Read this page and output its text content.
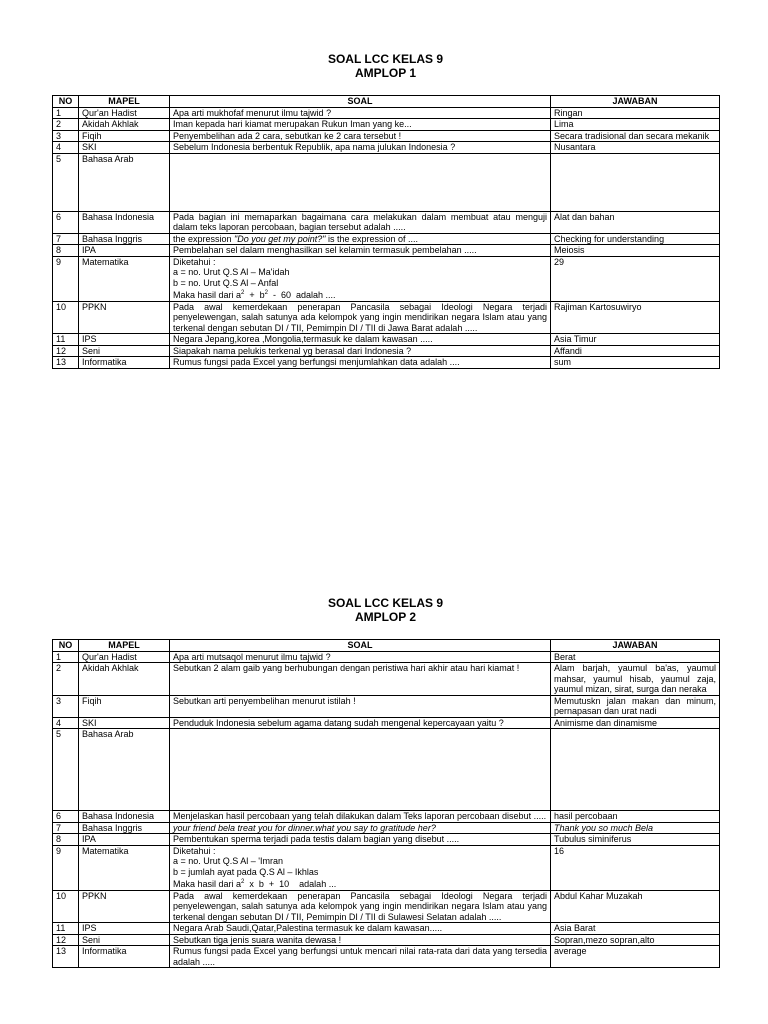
SOAL LCC KELAS 9

AMPLOP 1

NO	MAPEL	SOAL	JAWABAN
1	Qur'an Hadist	Apa arti mukhofaf menurut ilmu tajwid ?	Ringan
2	Akidah Akhlak	Iman kepada hari kiamat merupakan Rukun Iman yang ke...	Lima
3	Fiqih	Penyembelihan ada 2 cara, sebutkan ke 2 cara tersebut !	Secara tradisional dan secara mekanik
4	SKI	Sebelum Indonesia berbentuk Republik, apa nama julukan Indonesia ?	Nusantara
5	Bahasa Arab		
6	Bahasa Indonesia	Pada bagian ini memaparkan bagaimana cara melakukan dalam membuat atau menguji dalam teks laporan percobaan, bagian tersebut adalah .....	Alat dan bahan
7	Bahasa Inggris	the expression "Do you get my point?" is the expression of ....	Checking for understanding
8	IPA	Pembelahan sel dalam menghasilkan sel kelamin termasuk pembelahan .....	Meiosis
9	Matematika	Diketahui :
a = no. Urut Q.S Al – Ma'idah
b = no. Urut Q.S Al – Anfal
Maka hasil dari $a^2 + b^2 - 60$  adalah ....	29
10	PPKN	Pada awal kemerdekaan penerapan Pancasila sebagai Ideologi Negara terjadi penyelewengan, salah satunya ada kelompok yang ingin mendirikan negara Islam atau yang terkenal dengan sebutan DI / TII, Pemimpin DI / TII di Jawa Barat adalah .....	Rajiman Kartosuwiryo
11	IPS	Negara Jepang,korea ,Mongolia,termasuk ke dalam kawasan .....	Asia Timur
12	Seni	Siapakah nama pelukis terkenal yg berasal dari Indonesia ?	Affandi
13	Informatika	Rumus fungsi pada Excel yang berfungsi menjumlahkan data adalah ....	sum

SOAL LCC KELAS 9

AMPLOP 2

NO	MAPEL	SOAL	JAWABAN
1	Qur'an Hadist	Apa arti mutsaqol menurut ilmu tajwid ?	Berat
2	Akidah Akhlak	Sebutkan 2 alam gaib yang berhubungan dengan peristiwa hari akhir atau hari kiamat !	Alam barjah, yaumul ba'as, yaumul mahsar, yaumul hisab, yaumul zaja, yaumul mizan, sirat, surga dan neraka
3	Fiqih	Sebutkan arti penyembelihan menurut istilah !	Memutuskn jalan makan dan minum, pernapasan dan urat nadi
4	SKI	Penduduk Indonesia sebelum agama datang sudah mengenal kepercayaan yaitu ?	Animisme dan dinamisme
5	Bahasa Arab		
6	Bahasa Indonesia	Menjelaskan hasil percobaan yang telah dilakukan dalam Teks laporan percobaan disebut .....	hasil percobaan
7	Bahasa Inggris	your friend bela treat you for dinner.what you say to gratitude her?	Thank you so much Bela
8	IPA	Pembentukan sperma terjadi pada testis dalam bagian yang disebut .....	Tubulus siminiferus
9	Matematika	Diketahui :
a = no. Urut Q.S Al – 'Imran
b = jumlah ayat pada Q.S Al – Ikhlas
Maka hasil dari $a^2$  x  b  +  10    adalah ...	16
10	PPKN	Pada awal kemerdekaan penerapan Pancasila sebagai Ideologi Negara terjadi penyelewengan, salah satunya ada kelompok yang ingin mendirikan negara Islam atau yang terkenal dengan sebutan DI / TII, Pemimpin DI / TII di Sulawesi Selatan adalah .....	Abdul Kahar Muzakah
11	IPS	Negara Arab Saudi,Qatar,Palestina termasuk ke dalam kawasan.....	Asia Barat
12	Seni	Sebutkan tiga jenis suara wanita dewasa !	Sopran,mezo sopran,alto
13	Informatika	Rumus fungsi pada Excel yang berfungsi untuk mencari nilai rata-rata dari data yang tersedia adalah .....	average
